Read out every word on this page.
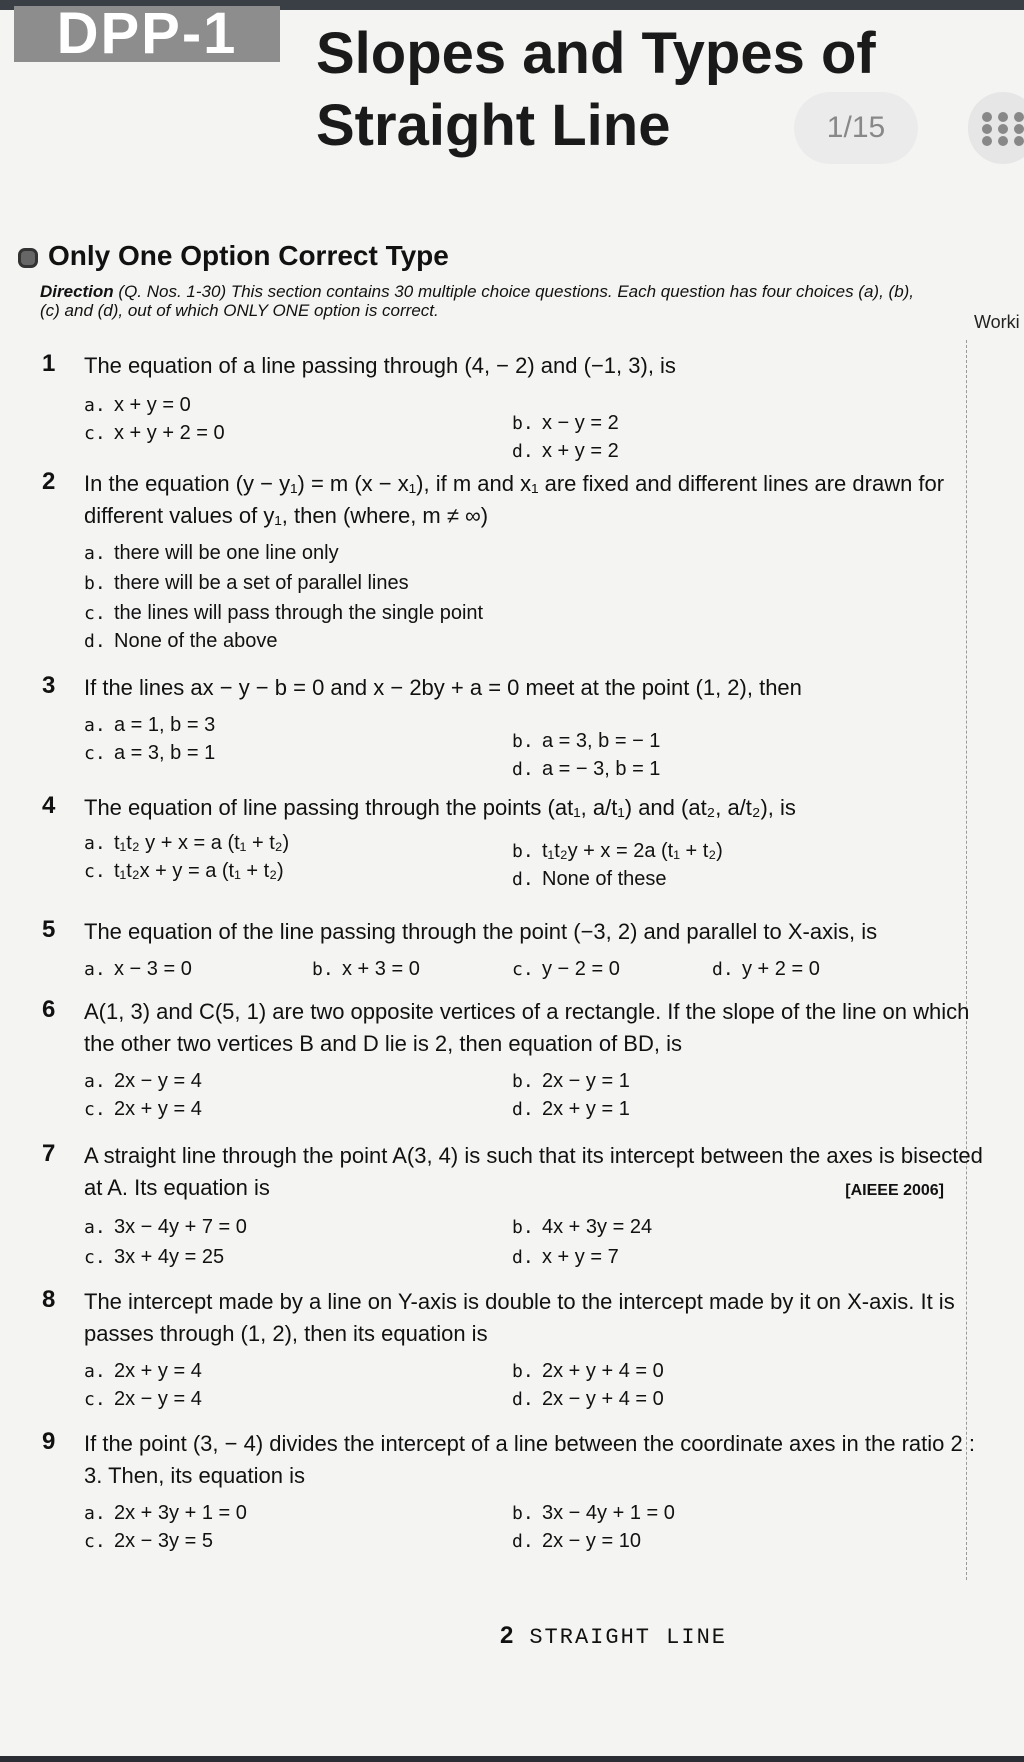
DPP-1	Slopes and Types of
Straight Line	1/15
Only One Option Correct Type
Direction (Q. Nos. 1-30) This section contains 30 multiple choice questions. Each question has four choices (a), (b), (c) and (d), out of which ONLY ONE option is correct.
Worki
1 The equation of a line passing through (4, − 2) and (−1, 3), is
a. x + y = 0
b. x − y = 2
c. x + y + 2 = 0
d. x + y = 2
2 In the equation (y − y₁) = m (x − x₁), if m and x₁ are fixed and different lines are drawn for different values of y₁, then (where, m ≠ ∞)
a. there will be one line only
b. there will be a set of parallel lines
c. the lines will pass through the single point
d. None of the above
3 If the lines ax − y − b = 0 and x − 2by + a = 0 meet at the point (1, 2), then
a. a = 1, b = 3
b. a = 3, b = − 1
c. a = 3, b = 1
d. a = − 3, b = 1
4 The equation of line passing through the points (at₁, a/t₁) and (at₂, a/t₂), is
a. t₁t₂ y + x = a (t₁ + t₂)	b. t₁t₂y + x = 2a (t₁ + t₂)
c. t₁t₂x + y = a (t₁ + t₂)	d. None of these
5 The equation of the line passing through the point (−3, 2) and parallel to X-axis, is
a. x − 3 = 0	b. x + 3 = 0	c. y − 2 = 0	d. y + 2 = 0
6 A(1, 3) and C(5, 1) are two opposite vertices of a rectangle. If the slope of the line on which the other two vertices B and D lie is 2, then equation of BD, is
a. 2x − y = 4	b. 2x − y = 1
c. 2x + y = 4	d. 2x + y = 1
7 A straight line through the point A(3, 4) is such that its intercept between the axes is bisected at A. Its equation is	[AIEEE 2006]
a. 3x − 4y + 7 = 0	b. 4x + 3y = 24
c. 3x + 4y = 25	d. x + y = 7
8 The intercept made by a line on Y-axis is double to the intercept made by it on X-axis. It is passes through (1, 2), then its equation is
a. 2x + y = 4	b. 2x + y + 4 = 0
c. 2x − y = 4	d. 2x − y + 4 = 0
9 If the point (3, − 4) divides the intercept of a line between the coordinate axes in the ratio 2 : 3. Then, its equation is
a. 2x + 3y + 1 = 0	b. 3x − 4y + 1 = 0
c. 2x − 3y = 5	d. 2x − y = 10
2 STRAIGHT LINE
